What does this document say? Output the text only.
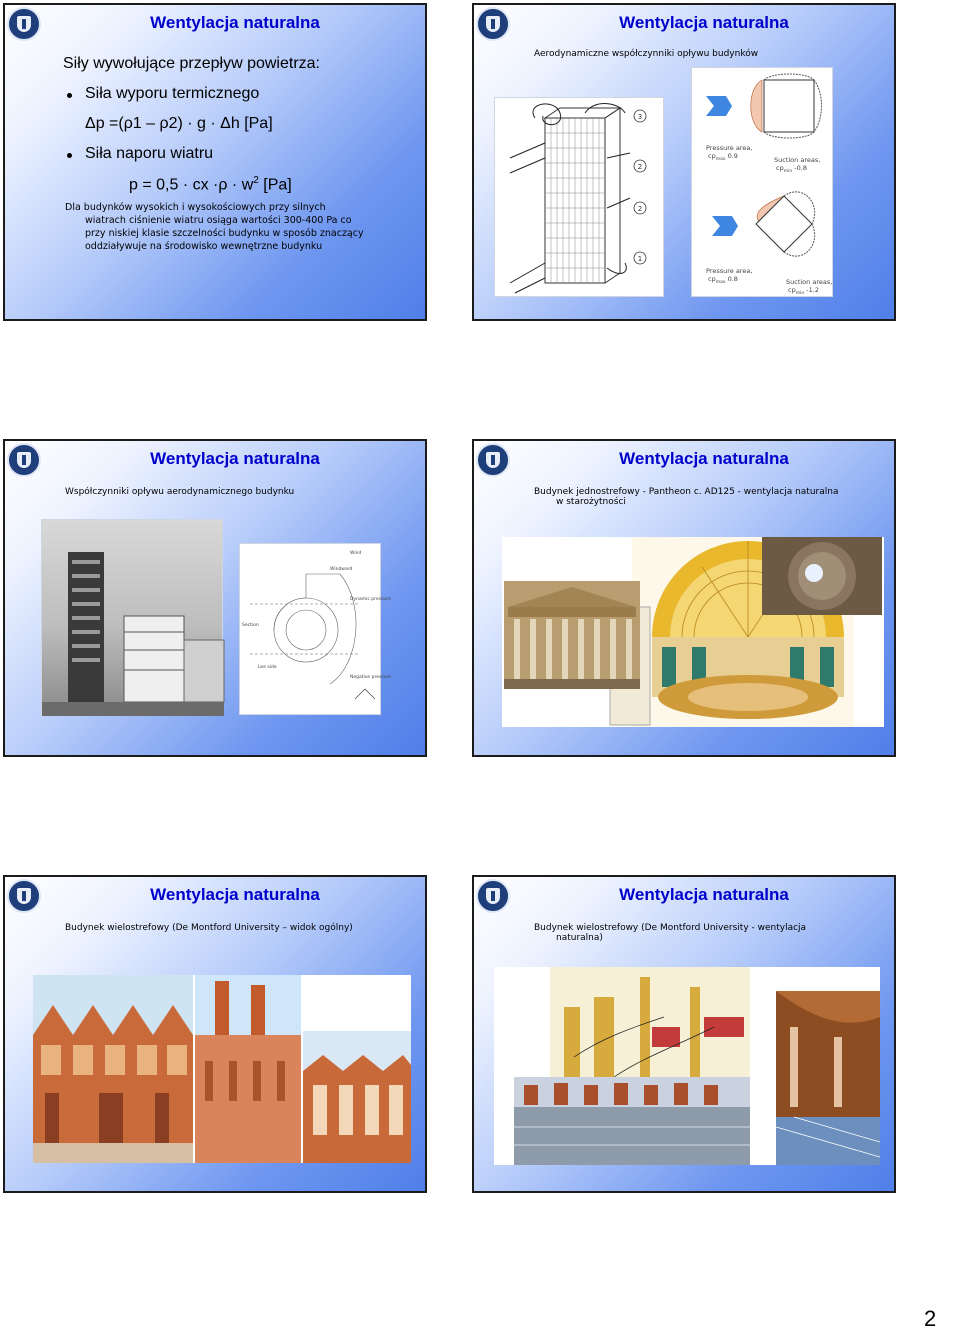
Wentylacja naturalna
Siły wywołujące przepływ powietrza:
Siła wyporu termicznego
Δp =(ρ1 – ρ2) · g · Δh [Pa]
Siła naporu wiatru
p = 0,5 · cx $\cdot\rho \cdot w^2$ [Pa]
Dla budynków wysokich i wysokościowych przy silnych
wiatrach ciśnienie wiatru osiąga wartości 300-400 Pa co
przy niskiej klasie szczelności budynku w sposób znaczący
oddziaływuje na środowisko wewnętrzne budynku
Wentylacja naturalna
Aerodynamiczne współczynniki opływu budynków
3
2
2
1
Pressure area,
$cp_{max}$ 0.9	Suction areas,
$cp_{min}$ -0.8
Pressure area,
$cp_{max}$ 0.8	Suction areas,
$cp_{min}$ -1.2
Wentylacja naturalna
Współczynniki opływu aerodynamicznego budynku
Wind
Windward
Dynamic pressure
Section
Lee side
Negative pressure
Wentylacja naturalna
Budynek jednostrefowy - Pantheon c. AD125 - wentylacja naturalna
w starożytności
Wentylacja naturalna
Budynek wielostrefowy (De Montford University – widok ogólny)
Wentylacja naturalna
Budynek wielostrefowy (De Montford University - wentylacja
naturalna)
2
